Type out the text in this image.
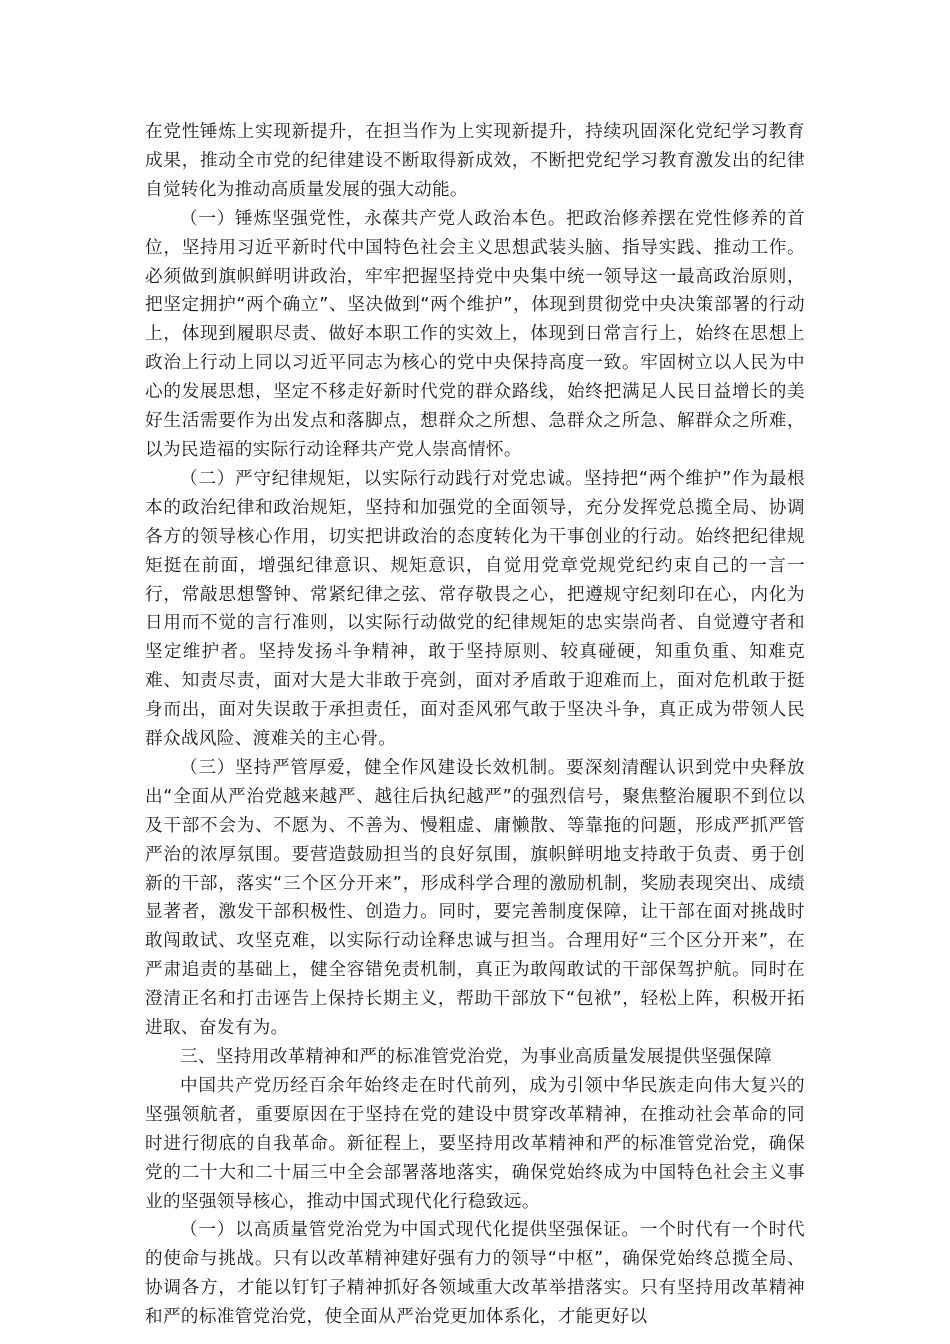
在党性锤炼上实现新提升，在担当作为上实现新提升，持续巩固深化党纪学习教育成果，推动全市党的纪律建设不断取得新成效，不断把党纪学习教育激发出的纪律自觉转化为推动高质量发展的强大动能。

（一）锤炼坚强党性，永葆共产党人政治本色。把政治修养摆在党性修养的首位，坚持用习近平新时代中国特色社会主义思想武装头脑、指导实践、推动工作。必须做到旗帜鲜明讲政治，牢牢把握坚持党中央集中统一领导这一最高政治原则，把坚定拥护“两个确立”、坚决做到“两个维护”，体现到贯彻党中央决策部署的行动上，体现到履职尽责、做好本职工作的实效上，体现到日常言行上，始终在思想上政治上行动上同以习近平同志为核心的党中央保持高度一致。牢固树立以人民为中心的发展思想，坚定不移走好新时代党的群众路线，始终把满足人民日益增长的美好生活需要作为出发点和落脚点，想群众之所想、急群众之所急、解群众之所难，以为民造福的实际行动诠释共产党人崇高情怀。

（二）严守纪律规矩，以实际行动践行对党忠诚。坚持把“两个维护”作为最根本的政治纪律和政治规矩，坚持和加强党的全面领导，充分发挥党总揽全局、协调各方的领导核心作用，切实把讲政治的态度转化为干事创业的行动。始终把纪律规矩挺在前面，增强纪律意识、规矩意识，自觉用党章党规党纪约束自己的一言一行，常敲思想警钟、常紧纪律之弦、常存敬畏之心，把遵规守纪刻印在心，内化为日用而不觉的言行准则，以实际行动做党的纪律规矩的忠实崇尚者、自觉遵守者和坚定维护者。坚持发扬斗争精神，敢于坚持原则、较真碰硬，知重负重、知难克难、知责尽责，面对大是大非敢于亮剑，面对矛盾敢于迎难而上，面对危机敢于挺身而出，面对失误敢于承担责任，面对歪风邪气敢于坚决斗争，真正成为带领人民群众战风险、渡难关的主心骨。

（三）坚持严管厚爱，健全作风建设长效机制。要深刻清醒认识到党中央释放出“全面从严治党越来越严、越往后执纪越严”的强烈信号，聚焦整治履职不到位以及干部不会为、不愿为、不善为、慢粗虚、庸懒散、等靠拖的问题，形成严抓严管严治的浓厚氛围。要营造鼓励担当的良好氛围，旗帜鲜明地支持敢于负责、勇于创新的干部，落实“三个区分开来”，形成科学合理的激励机制，奖励表现突出、成绩显著者，激发干部积极性、创造力。同时，要完善制度保障，让干部在面对挑战时敢闯敢试、攻坚克难，以实际行动诠释忠诚与担当。合理用好“三个区分开来”，在严肃追责的基础上，健全容错免责机制，真正为敢闯敢试的干部保驾护航。同时在澄清正名和打击诬告上保持长期主义，帮助干部放下“包袱”，轻松上阵，积极开拓进取、奋发有为。

三、坚持用改革精神和严的标准管党治党，为事业高质量发展提供坚强保障

中国共产党历经百余年始终走在时代前列，成为引领中华民族走向伟大复兴的坚强领航者，重要原因在于坚持在党的建设中贯穿改革精神，在推动社会革命的同时进行彻底的自我革命。新征程上，要坚持用改革精神和严的标准管党治党，确保党的二十大和二十届三中全会部署落地落实，确保党始终成为中国特色社会主义事业的坚强领导核心，推动中国式现代化行稳致远。

（一）以高质量管党治党为中国式现代化提供坚强保证。一个时代有一个时代的使命与挑战。只有以改革精神建好强有力的领导“中枢”，确保党始终总揽全局、协调各方，才能以钉钉子精神抓好各领域重大改革举措落实。只有坚持用改革精神和严的标准管党治党，使全面从严治党更加体系化，才能更好以
